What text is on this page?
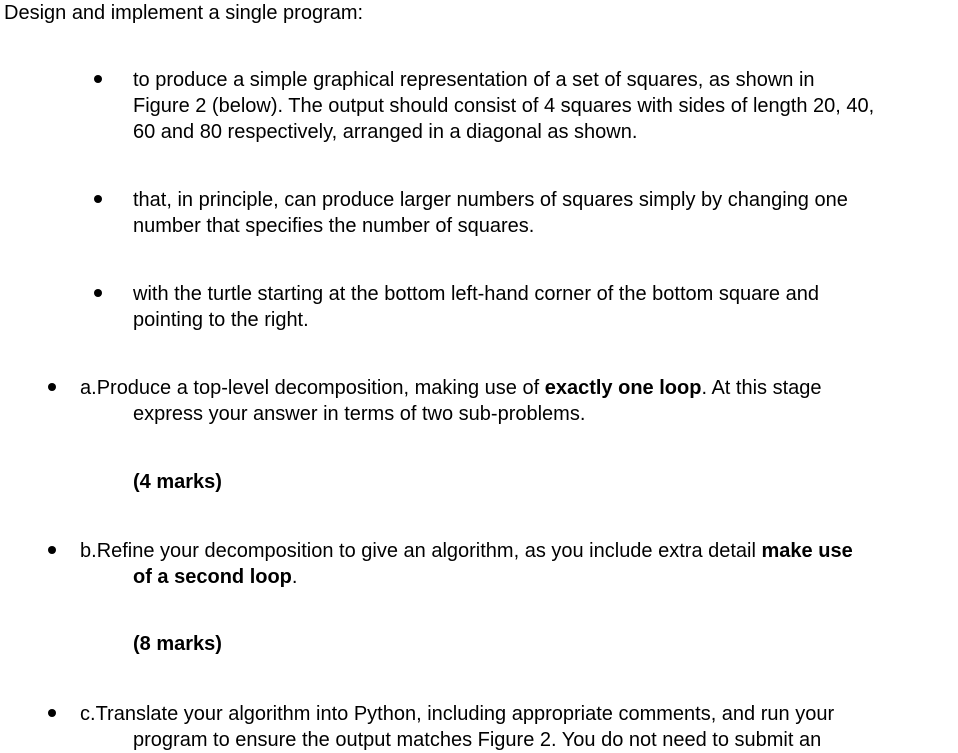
Design and implement a single program:

to produce a simple graphical representation of a set of squares, as shown in

Figure 2 (below). The output should consist of 4 squares with sides of length 20, 40,

60 and 80 respectively, arranged in a diagonal as shown.

that, in principle, can produce larger numbers of squares simply by changing one

number that specifies the number of squares.

with the turtle starting at the bottom left-hand corner of the bottom square and

pointing to the right.

a.Produce a top-level decomposition, making use of exactly one loop. At this stage

express your answer in terms of two sub-problems.

(4 marks)

b.Refine your decomposition to give an algorithm, as you include extra detail make use

of a second loop.

(8 marks)

c.Translate your algorithm into Python, including appropriate comments, and run your

program to ensure the output matches Figure 2. You do not need to submit an
